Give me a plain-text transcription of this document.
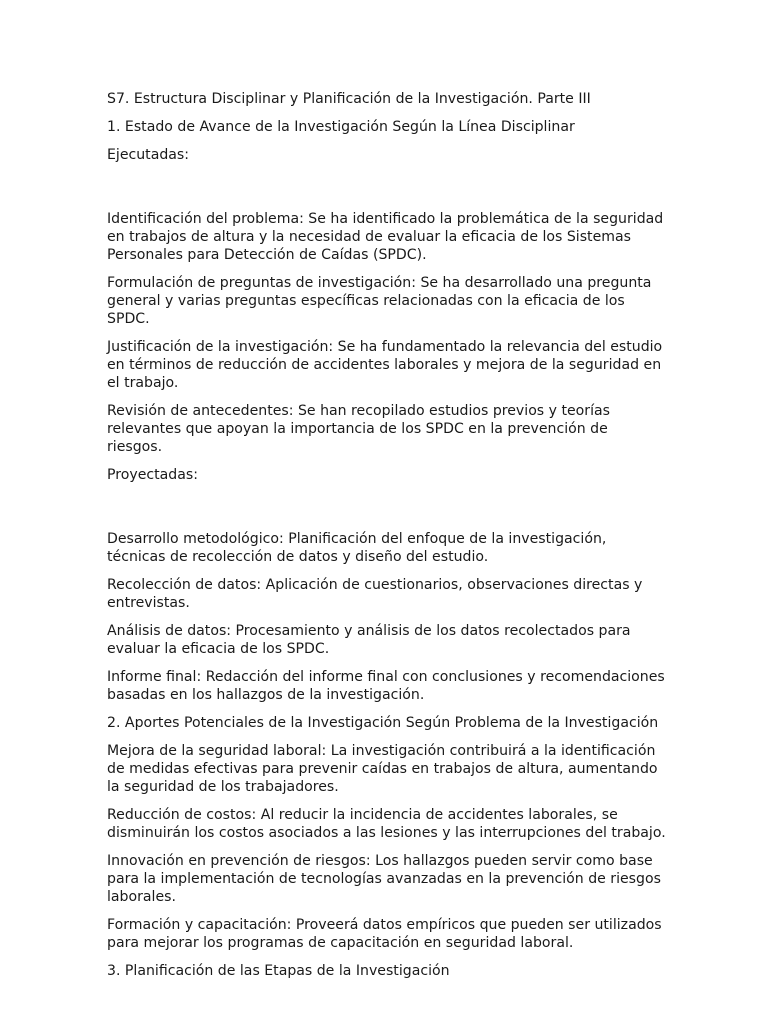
S7. Estructura Disciplinar y Planificación de la Investigación. Parte III

1. Estado de Avance de la Investigación Según la Línea Disciplinar

Ejecutadas:

Identificación del problema: Se ha identificado la problemática de la seguridad en trabajos de altura y la necesidad de evaluar la eficacia de los Sistemas Personales para Detección de Caídas (SPDC).

Formulación de preguntas de investigación: Se ha desarrollado una pregunta general y varias preguntas específicas relacionadas con la eficacia de los SPDC.

Justificación de la investigación: Se ha fundamentado la relevancia del estudio en términos de reducción de accidentes laborales y mejora de la seguridad en el trabajo.

Revisión de antecedentes: Se han recopilado estudios previos y teorías relevantes que apoyan la importancia de los SPDC en la prevención de riesgos.

Proyectadas:

Desarrollo metodológico: Planificación del enfoque de la investigación, técnicas de recolección de datos y diseño del estudio.

Recolección de datos: Aplicación de cuestionarios, observaciones directas y entrevistas.

Análisis de datos: Procesamiento y análisis de los datos recolectados para evaluar la eficacia de los SPDC.

Informe final: Redacción del informe final con conclusiones y recomendaciones basadas en los hallazgos de la investigación.

2. Aportes Potenciales de la Investigación Según Problema de la Investigación

Mejora de la seguridad laboral: La investigación contribuirá a la identificación de medidas efectivas para prevenir caídas en trabajos de altura, aumentando la seguridad de los trabajadores.

Reducción de costos: Al reducir la incidencia de accidentes laborales, se disminuirán los costos asociados a las lesiones y las interrupciones del trabajo.

Innovación en prevención de riesgos: Los hallazgos pueden servir como base para la implementación de tecnologías avanzadas en la prevención de riesgos laborales.

Formación y capacitación: Proveerá datos empíricos que pueden ser utilizados para mejorar los programas de capacitación en seguridad laboral.

3. Planificación de las Etapas de la Investigación
